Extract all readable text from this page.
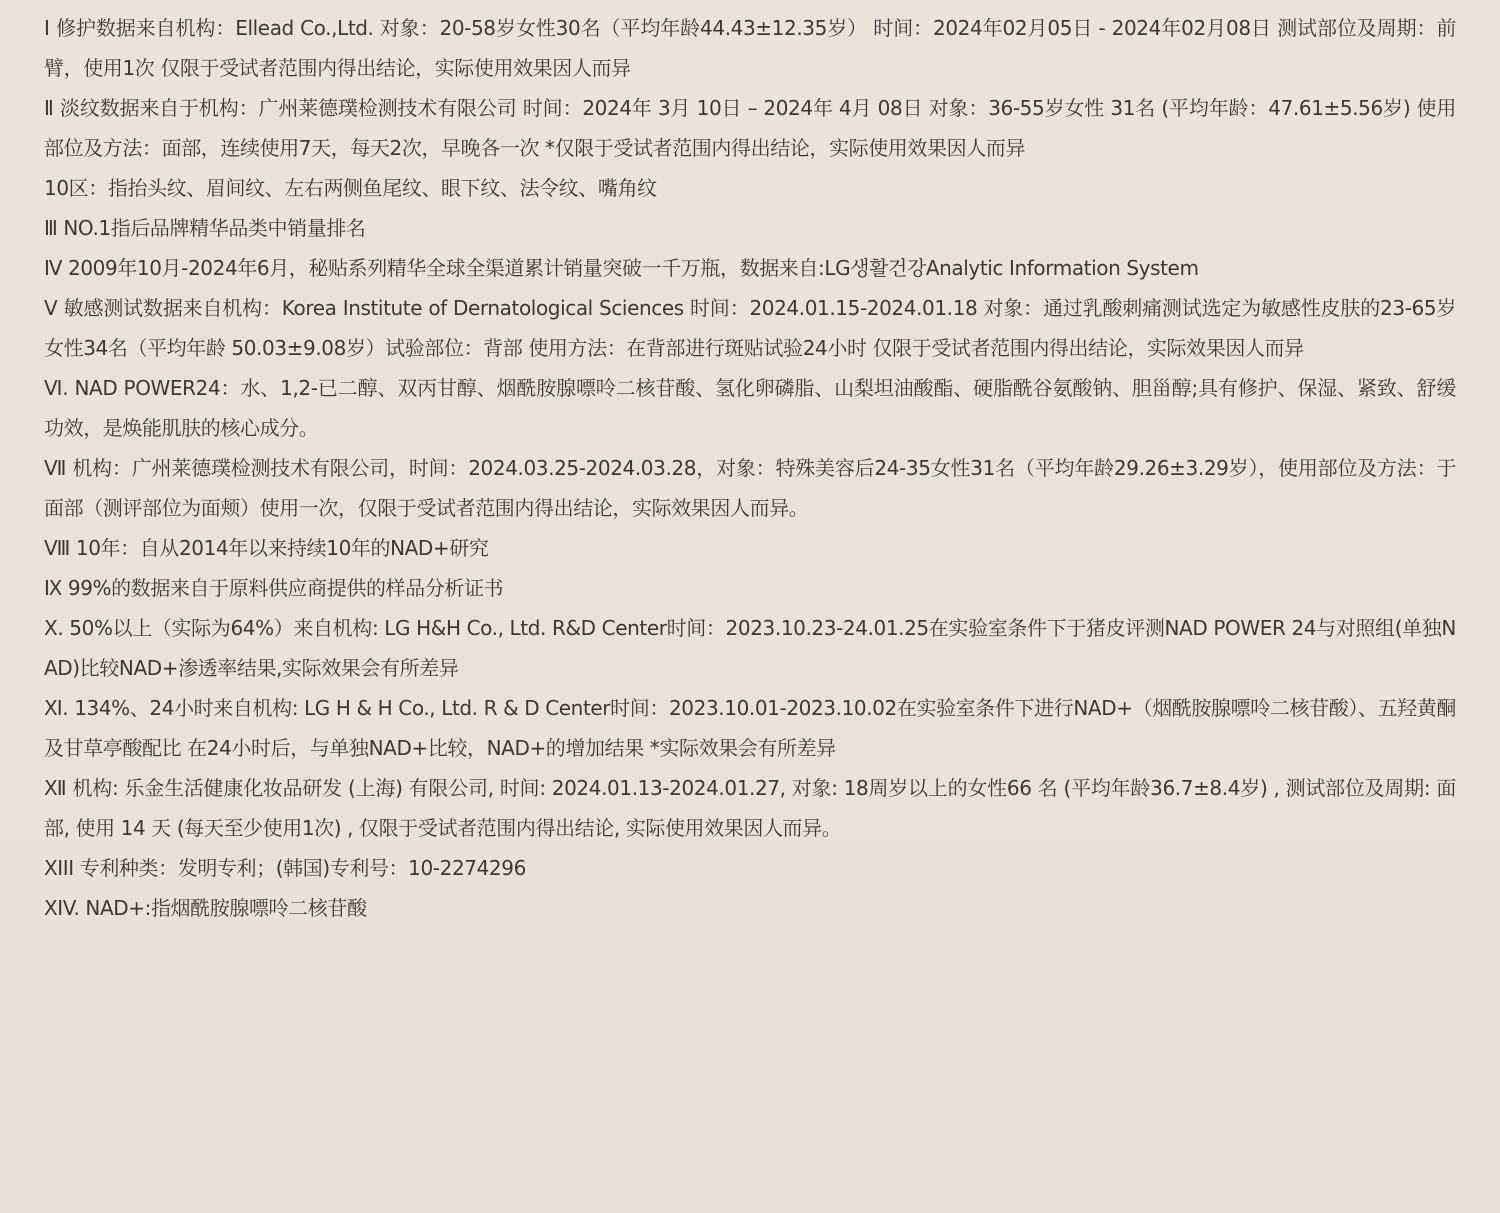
Ⅰ 修护数据来自机构：Ellead Co.,Ltd. 对象：20-58岁女性30名（平均年龄44.43±12.35岁） 时间：2024年02月05日 - 2024年02月08日 测试部位及周期：前臂，使用1次 仅限于受试者范围内得出结论，实际使用效果因人而异
Ⅱ 淡纹数据来自于机构：广州莱德璞检测技术有限公司 时间：2024年 3月 10日 – 2024年 4月 08日 对象：36-55岁女性 31名 (平均年龄：47.61±5.56岁) 使用部位及方法：面部，连续使用7天，每天2次，早晚各一次 *仅限于受试者范围内得出结论，实际使用效果因人而异
10区：指抬头纹、眉间纹、左右两侧鱼尾纹、眼下纹、法令纹、嘴角纹
Ⅲ NO.1指后品牌精华品类中销量排名
Ⅳ 2009年10月-2024年6月，秘贴系列精华全球全渠道累计销量突破一千万瓶，数据来自:LG생활건강Analytic Information System
Ⅴ 敏感测试数据来自机构：Korea Institute of Dernatological Sciences 时间：2024.01.15-2024.01.18 对象：通过乳酸刺痛测试选定为敏感性皮肤的23-65岁女性34名（平均年龄 50.03±9.08岁）试验部位：背部 使用方法：在背部进行斑贴试验24小时 仅限于受试者范围内得出结论，实际效果因人而异
Ⅵ. NAD POWER24：水、1,2-已二醇、双丙甘醇、烟酰胺腺嘌呤二核苷酸、氢化卵磷脂、山梨坦油酸酯、硬脂酰谷氨酸钠、胆甾醇;具有修护、保湿、紧致、舒缓功效，是焕能肌肤的核心成分。
Ⅶ 机构：广州莱德璞检测技术有限公司，时间：2024.03.25-2024.03.28，对象：特殊美容后24-35女性31名（平均年龄29.26±3.29岁），使用部位及方法：于面部（测评部位为面颊）使用一次，仅限于受试者范围内得出结论，实际效果因人而异。
Ⅷ 10年：自从2014年以来持续10年的NAD+研究
Ⅸ 99%的数据来自于原料供应商提供的样品分析证书
Ⅹ. 50%以上（实际为64%）来自机构: LG H&H Co., Ltd. R&D Center时间：2023.10.23-24.01.25在实验室条件下于猪皮评测NAD POWER 24与对照组(单独NAD)比较NAD+渗透率结果,实际效果会有所差异
Ⅺ. 134%、24小时来自机构: LG H & H Co., Ltd. R & D Center时间：2023.10.01-2023.10.02在实验室条件下进行NAD+（烟酰胺腺嘌呤二核苷酸）、五羟黄酮及甘草亭酸配比 在24小时后，与单独NAD+比较，NAD+的增加结果 *实际效果会有所差异
Ⅻ 机构: 乐金生活健康化妆品研发 (上海) 有限公司, 时间: 2024.01.13-2024.01.27, 对象: 18周岁以上的女性66 名 (平均年龄36.7±8.4岁) , 测试部位及周期: 面部, 使用 14 天 (每天至少使用1次) , 仅限于受试者范围内得出结论, 实际使用效果因人而异。
XIII 专利种类：发明专利；(韩国)专利号：10-2274296
XIV. NAD+:指烟酰胺腺嘌呤二核苷酸
